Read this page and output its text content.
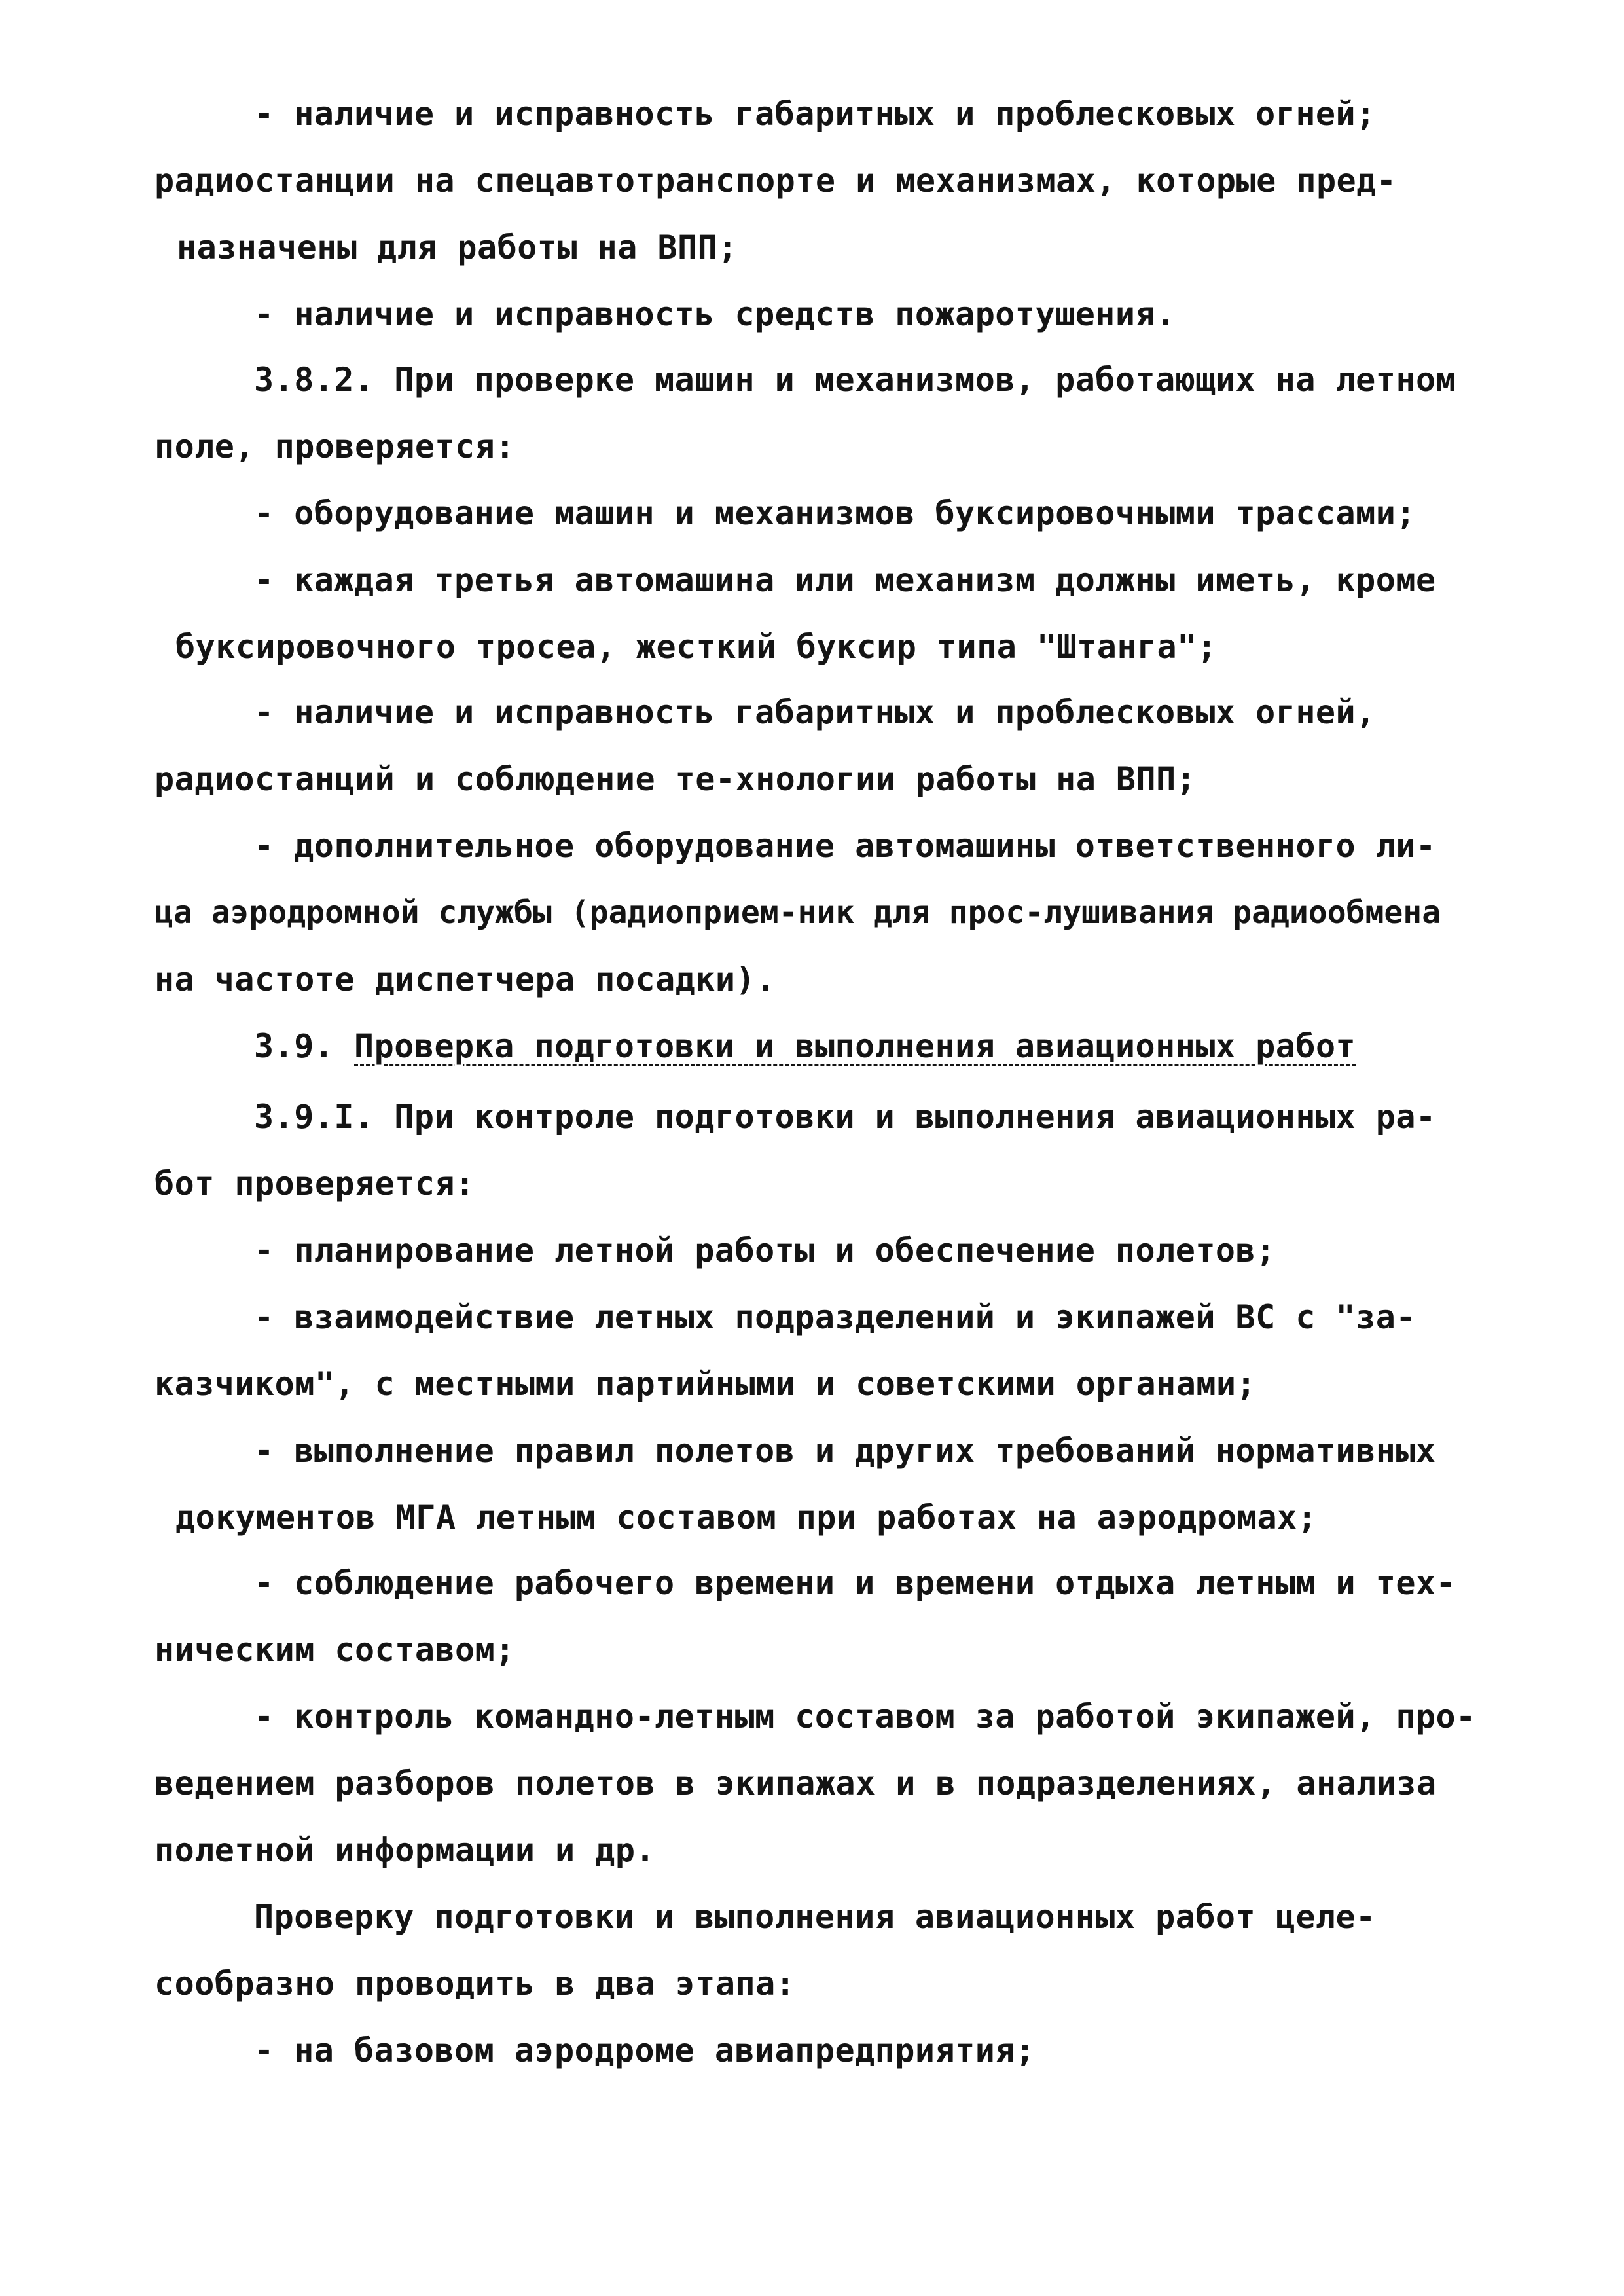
- наличие и исправность габаритных и проблесковых огней;
радиостанции на спецавтотранспорте и механизмах, которые пред-
назначены для работы на ВПП;
- наличие и исправность средств пожаротушения.
3.8.2. При проверке машин и механизмов, работающих на летном
поле, проверяется:
- оборудование машин и механизмов буксировочными трассами;
- каждая третья автомашина или механизм должны иметь, кроме
буксировочного тросеа, жесткий буксир типа "Штанга";
- наличие и исправность габаритных и проблесковых огней,
радиостанций и соблюдение те-хнологии работы на ВПП;
- дополнительное оборудование автомашины ответственного ли-
ца аэродромной службы (радиоприем-ник для прос-лушивания радиообмена
на частоте диспетчера посадки).
3.9. Проверка подготовки и выполнения авиационных работ
3.9.I. При контроле подготовки и выполнения авиационных ра-
бот проверяется:
- планирование летной работы и обеспечение полетов;
- взаимодействие летных подразделений и экипажей ВС с "за-
казчиком", с местными партийными и советскими органами;
- выполнение правил полетов и других требований нормативных
документов МГА летным составом при работах на аэродромах;
- соблюдение рабочего времени и времени отдыха летным и тех-
ническим составом;
- контроль командно-летным составом за работой экипажей, про-
ведением разборов полетов в экипажах и в подразделениях, анализа
полетной информации и др.
Проверку подготовки и выполнения авиационных работ целе-
сообразно проводить в два этапа:
- на базовом аэродроме авиапредприятия;
